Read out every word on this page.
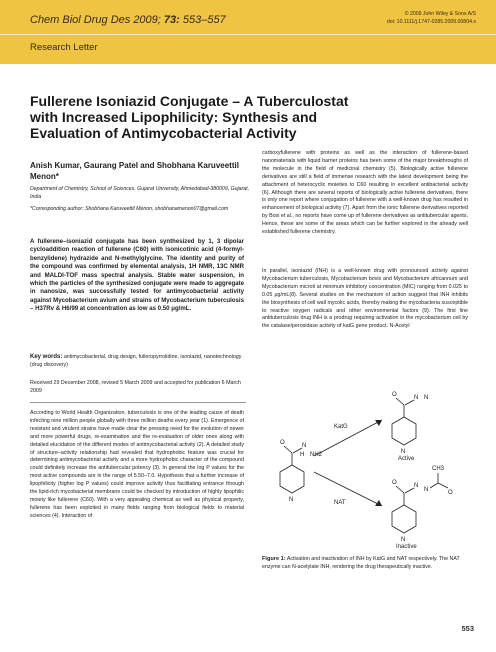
Chem Biol Drug Des 2009; 73: 553–557
Research Letter
© 2009 John Wiley & Sons A/S
doi: 10.1111/j.1747-0285.2009.00804.x
Fullerene Isoniazid Conjugate – A Tuberculostat with Increased Lipophilicity: Synthesis and Evaluation of Antimycobacterial Activity
Anish Kumar, Gaurang Patel and Shobhana Karuveettil Menon*
Department of Chemistry, School of Sciences, Gujarat University, Ahmedabad-380009, Gujarat, India
*Corresponding author: Shobhana Karuveettil Menon, shobhanamenon07@gmail.com
A fullerene–isoniazid conjugate has been synthesized by 1, 3 dipolar cycloaddition reaction of fullerene (C60) with isonicotinic acid (4-formyl-benzylidene) hydrazide and N-methylglycine. The identity and purity of the compound was confirmed by elemental analysis, 1H NMR, 13C NMR and MALDI-TOF mass spectral analysis. Stable water suspension, in which the particles of the synthesized conjugate were made to aggregate in nanosize, was successfully tested for antimycobacterial activity against Mycobacterium avium and strains of Mycobacterium tuberculosis – H37Rv & H6/99 at concentration as low as 0.50 μg/mL.
Key words: antimycobacterial, drug design, fulleropyrrolidine, isoniazid, nanotechnology (drug discovery)
Received 29 December 2008, revised 5 March 2009 and accepted for publication 6 March 2009
According to World Health Organization, tuberculosis is one of the leading cause of death infecting nine million people globally with three million deaths every year (1). Emergence of resistant and virulent strains have made clear the pressing need for the evolution of newer and more powerful drugs, re-examination and the re-evaluation of older ones along with detailed elucidation of the different modes of antimycobacterial activity (2). A detailed study of structure–activity relationship had revealed that hydrophobic feature was crucial for determining antimycobacterial activity and a more hydrophobic character of the compound could definitely increase the antitubercular potency (3). In general the log P values for the most active compounds are in the range of 5.50–7.0. Hypothesis that a further increase of lipophilicity (higher log P values) could improve activity thus facilitating entrance through the lipid-rich mycobacterial membrane could be checked by introduction of highly lipophilic moiety like fullerene (C60). With a very appealing chemical as well as physical property, fullerene has been exploited in many fields ranging from biological fields to material sciences (4). Interaction of
carboxyfullerene with proteins as well as the interaction of fullerene-based nanomaterials with liquid barrier proteins has been some of the major breakthroughs of the molecule in the field of medicinal chemistry (5). Biologically active fullerene derivatives are still a field of immense research with the latest development being the attachment of heterocyclic moieties to C60 resulting in excellent antibacterial activity (6). Although there are several reports of biologically active fullerene derivatives, there is only one report where conjugation of fullerene with a well-known drug has resulted in enhancement of biological activity (7). Apart from the ionic fullerene derivatives reported by Bosi et al., no reports have come up of fullerene derivatives as antitubercular agents. Hence, these are some of the areas which can be further explored in the already well established fullerene chemistry.
In parallel, isoniazid (INH) is a well-known drug with pronounced activity against Mycobacterium tuberculosis, Mycobacterium bovis and Mycobacterium africannum and Mycobacterium microti at minimum inhibitory concentration (MIC) ranging from 0.025 to 0.05 μg/mL(8). Several studies on the mechanism of action suggest that INH inhibits the biosynthesis of cell wall mycolic acids, thereby making the mycobacteria susceptible to reactive oxygen radicals and other environmental factors (9). The first line antituberculosis drug INH is a prodrug requiring activation in the mycobacterium cell by the catalase/peroxidase activity of katG gene product. N-Acetyl
O	N
H NH2
N
O	N N
N
O	N
N
CH3
O
N
KatG
NAT
Active
Inactive
Figure 1: Activation and inactivation of INH by KatG and NAT respectively. The NAT enzyme can N-acetylate INH, rendering the drug therapeutically inactive.
553
